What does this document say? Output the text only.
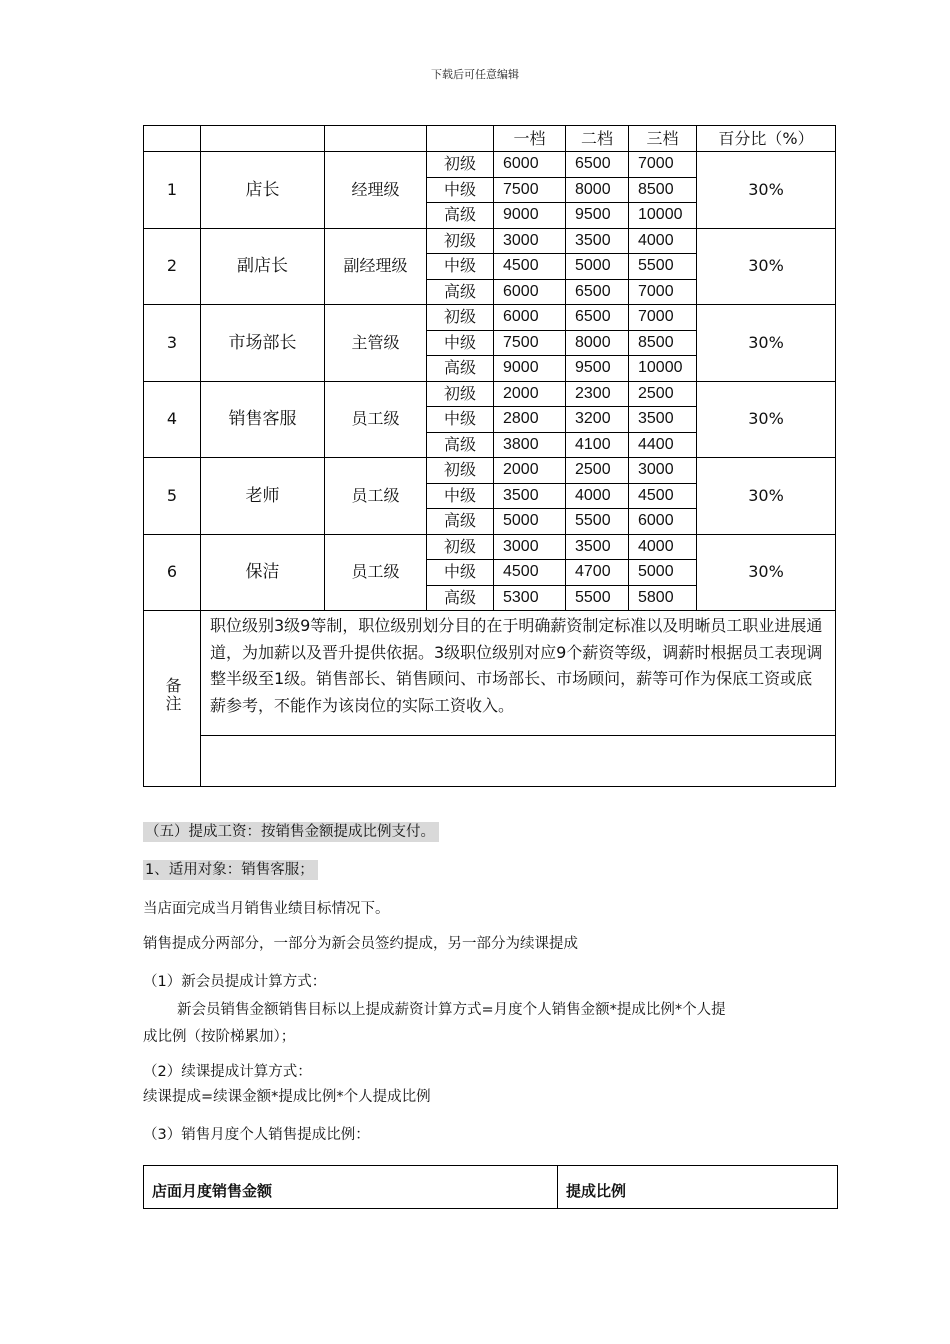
下载后可任意编辑
				一档	二档	三档	百分比（%）
1	店长	经理级	初级	6000	6500	7000	30%
			中级	7500	8000	8500	
			高级	9000	9500	10000	
2	副店长	副经理级	初级	3000	3500	4000	30%
			中级	4500	5000	5500	
			高级	6000	6500	7000	
3	市场部长	主管级	初级	6000	6500	7000	30%
			中级	7500	8000	8500	
			高级	9000	9500	10000	
4	销售客服	员工级	初级	2000	2300	2500	30%
			中级	2800	3200	3500	
			高级	3800	4100	4400	
5	老师	员工级	初级	2000	2500	3000	30%
			中级	3500	4000	4500	
			高级	5000	5500	6000	
6	保洁	员工级	初级	3000	3500	4000	30%
			中级	4500	4700	5000	
			高级	5300	5500	5800	
备注	职位级别3级9等制，职位级别划分目的在于明确薪资制定标准以及明晰员工职业进展通道，为加薪以及晋升提供依据。3级职位级别对应9个薪资等级，调薪时根据员工表现调整半级至1级。销售部长、销售顾问、市场部长、市场顾问，薪等可作为保底工资或底薪参考，不能作为该岗位的实际工资收入。						

（五）提成工资：按销售金额提成比例支付。
1、适用对象：销售客服；
当店面完成当月销售业绩目标情况下。
销售提成分两部分，一部分为新会员签约提成，另一部分为续课提成
（1）新会员提成计算方式：
新会员销售金额销售目标以上提成薪资计算方式=月度个人销售金额*提成比例*个人提
成比例（按阶梯累加）；
（2）续课提成计算方式：
续课提成=续课金额*提成比例*个人提成比例
（3）销售月度个人销售提成比例：
店面月度销售金额	提成比例
